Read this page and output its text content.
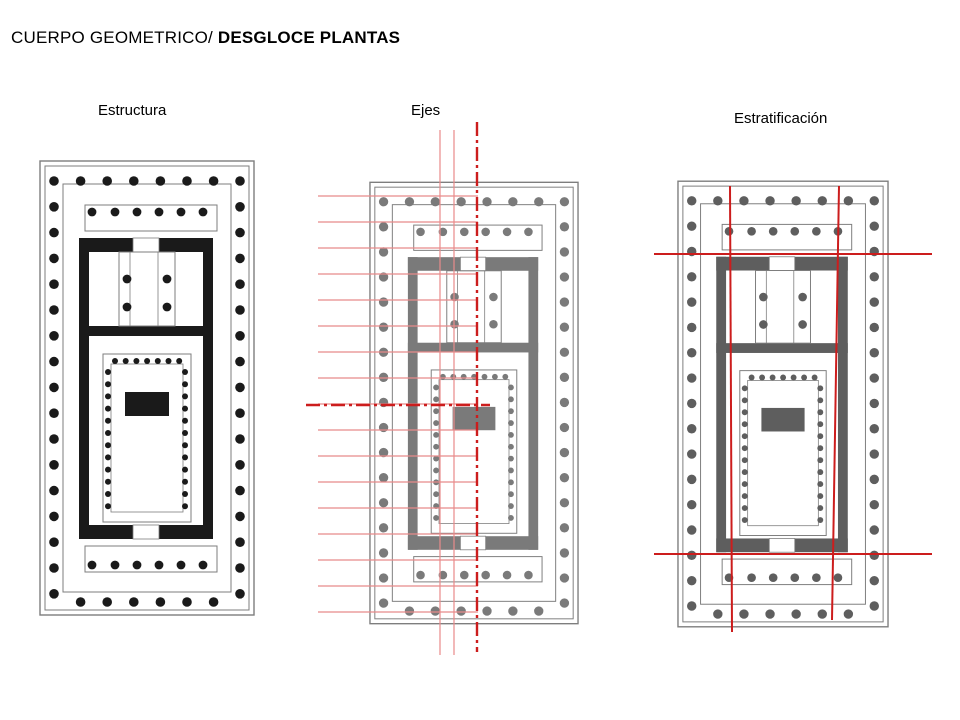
CUERPO GEOMETRICO/ DESGLOCE PLANTAS
Estructura	Ejes	Estratificación
